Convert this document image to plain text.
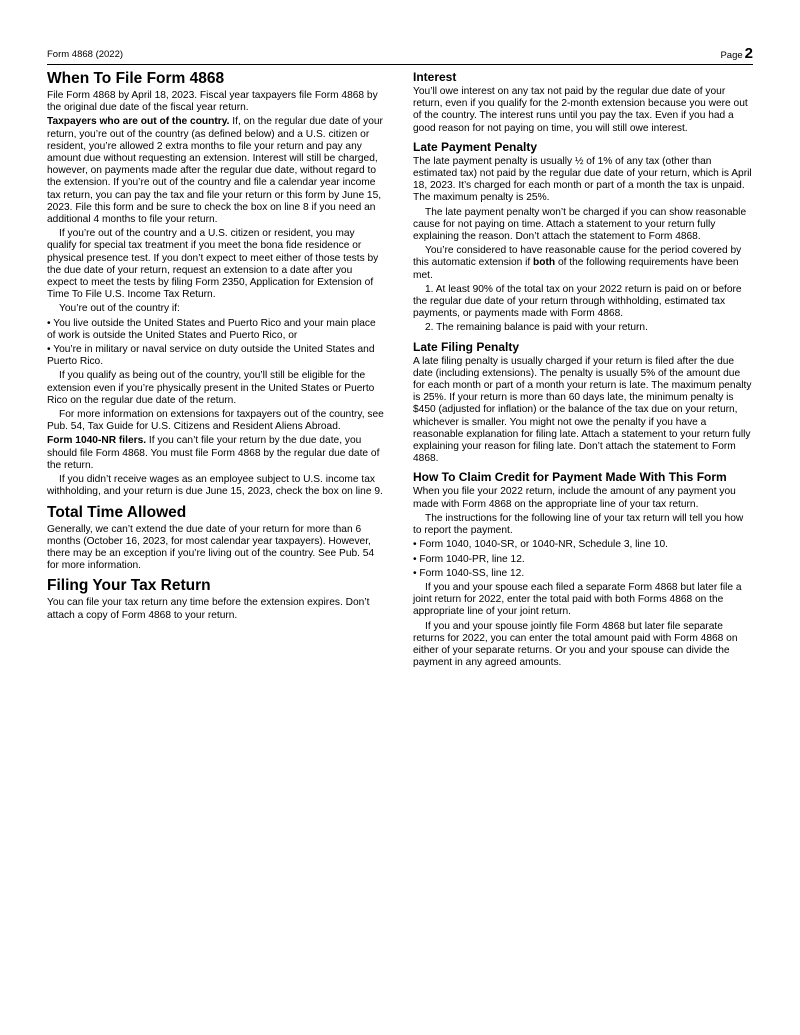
Form 4868 (2022)	Page 2
When To File Form 4868

File Form 4868 by April 18, 2023. Fiscal year taxpayers file Form 4868 by the original due date of the fiscal year return.

Taxpayers who are out of the country. If, on the regular due date of your return, you’re out of the country (as defined below) and a U.S. citizen or resident, you’re allowed 2 extra months to file your return and pay any amount due without requesting an extension. Interest will still be charged, however, on payments made after the regular due date, without regard to the extension. If you’re out of the country and file a calendar year income tax return, you can pay the tax and file your return or this form by June 15, 2023. File this form and be sure to check the box on line 8 if you need an additional 4 months to file your return.

If you’re out of the country and a U.S. citizen or resident, you may qualify for special tax treatment if you meet the bona fide residence or physical presence test. If you don’t expect to meet either of those tests by the due date of your return, request an extension to a date after you expect to meet the tests by filing Form 2350, Application for Extension of Time To File U.S. Income Tax Return.

You’re out of the country if:

• You live outside the United States and Puerto Rico and your main place of work is outside the United States and Puerto Rico, or

• You’re in military or naval service on duty outside the United States and Puerto Rico.

If you qualify as being out of the country, you’ll still be eligible for the extension even if you’re physically present in the United States or Puerto Rico on the regular due date of the return.

For more information on extensions for taxpayers out of the country, see Pub. 54, Tax Guide for U.S. Citizens and Resident Aliens Abroad.

Form 1040-NR filers. If you can’t file your return by the due date, you should file Form 4868. You must file Form 4868 by the regular due date of the return.

If you didn’t receive wages as an employee subject to U.S. income tax withholding, and your return is due June 15, 2023, check the box on line 9.

Total Time Allowed

Generally, we can’t extend the due date of your return for more than 6 months (October 16, 2023, for most calendar year taxpayers). However, there may be an exception if you’re living out of the country. See Pub. 54 for more information.

Filing Your Tax Return

You can file your tax return any time before the extension expires. Don’t attach a copy of Form 4868 to your return.

Interest

You’ll owe interest on any tax not paid by the regular due date of your return, even if you qualify for the 2-month extension because you were out of the country. The interest runs until you pay the tax. Even if you had a good reason for not paying on time, you will still owe interest.

Late Payment Penalty

The late payment penalty is usually ½ of 1% of any tax (other than estimated tax) not paid by the regular due date of your return, which is April 18, 2023. It’s charged for each month or part of a month the tax is unpaid. The maximum penalty is 25%.

The late payment penalty won’t be charged if you can show reasonable cause for not paying on time. Attach a statement to your return fully explaining the reason. Don’t attach the statement to Form 4868.

You’re considered to have reasonable cause for the period covered by this automatic extension if both of the following requirements have been met.

1. At least 90% of the total tax on your 2022 return is paid on or before the regular due date of your return through withholding, estimated tax payments, or payments made with Form 4868.

2. The remaining balance is paid with your return.

Late Filing Penalty

A late filing penalty is usually charged if your return is filed after the due date (including extensions). The penalty is usually 5% of the amount due for each month or part of a month your return is late. The maximum penalty is 25%. If your return is more than 60 days late, the minimum penalty is $450 (adjusted for inflation) or the balance of the tax due on your return, whichever is smaller. You might not owe the penalty if you have a reasonable explanation for filing late. Attach a statement to your return fully explaining your reason for filing late. Don’t attach the statement to Form 4868.

How To Claim Credit for Payment Made With This Form

When you file your 2022 return, include the amount of any payment you made with Form 4868 on the appropriate line of your tax return.

The instructions for the following line of your tax return will tell you how to report the payment.

• Form 1040, 1040-SR, or 1040-NR, Schedule 3, line 10.

• Form 1040-PR, line 12.

• Form 1040-SS, line 12.

If you and your spouse each filed a separate Form 4868 but later file a joint return for 2022, enter the total paid with both Forms 4868 on the appropriate line of your joint return.

If you and your spouse jointly file Form 4868 but later file separate returns for 2022, you can enter the total amount paid with Form 4868 on either of your separate returns. Or you and your spouse can divide the payment in any agreed amounts.
